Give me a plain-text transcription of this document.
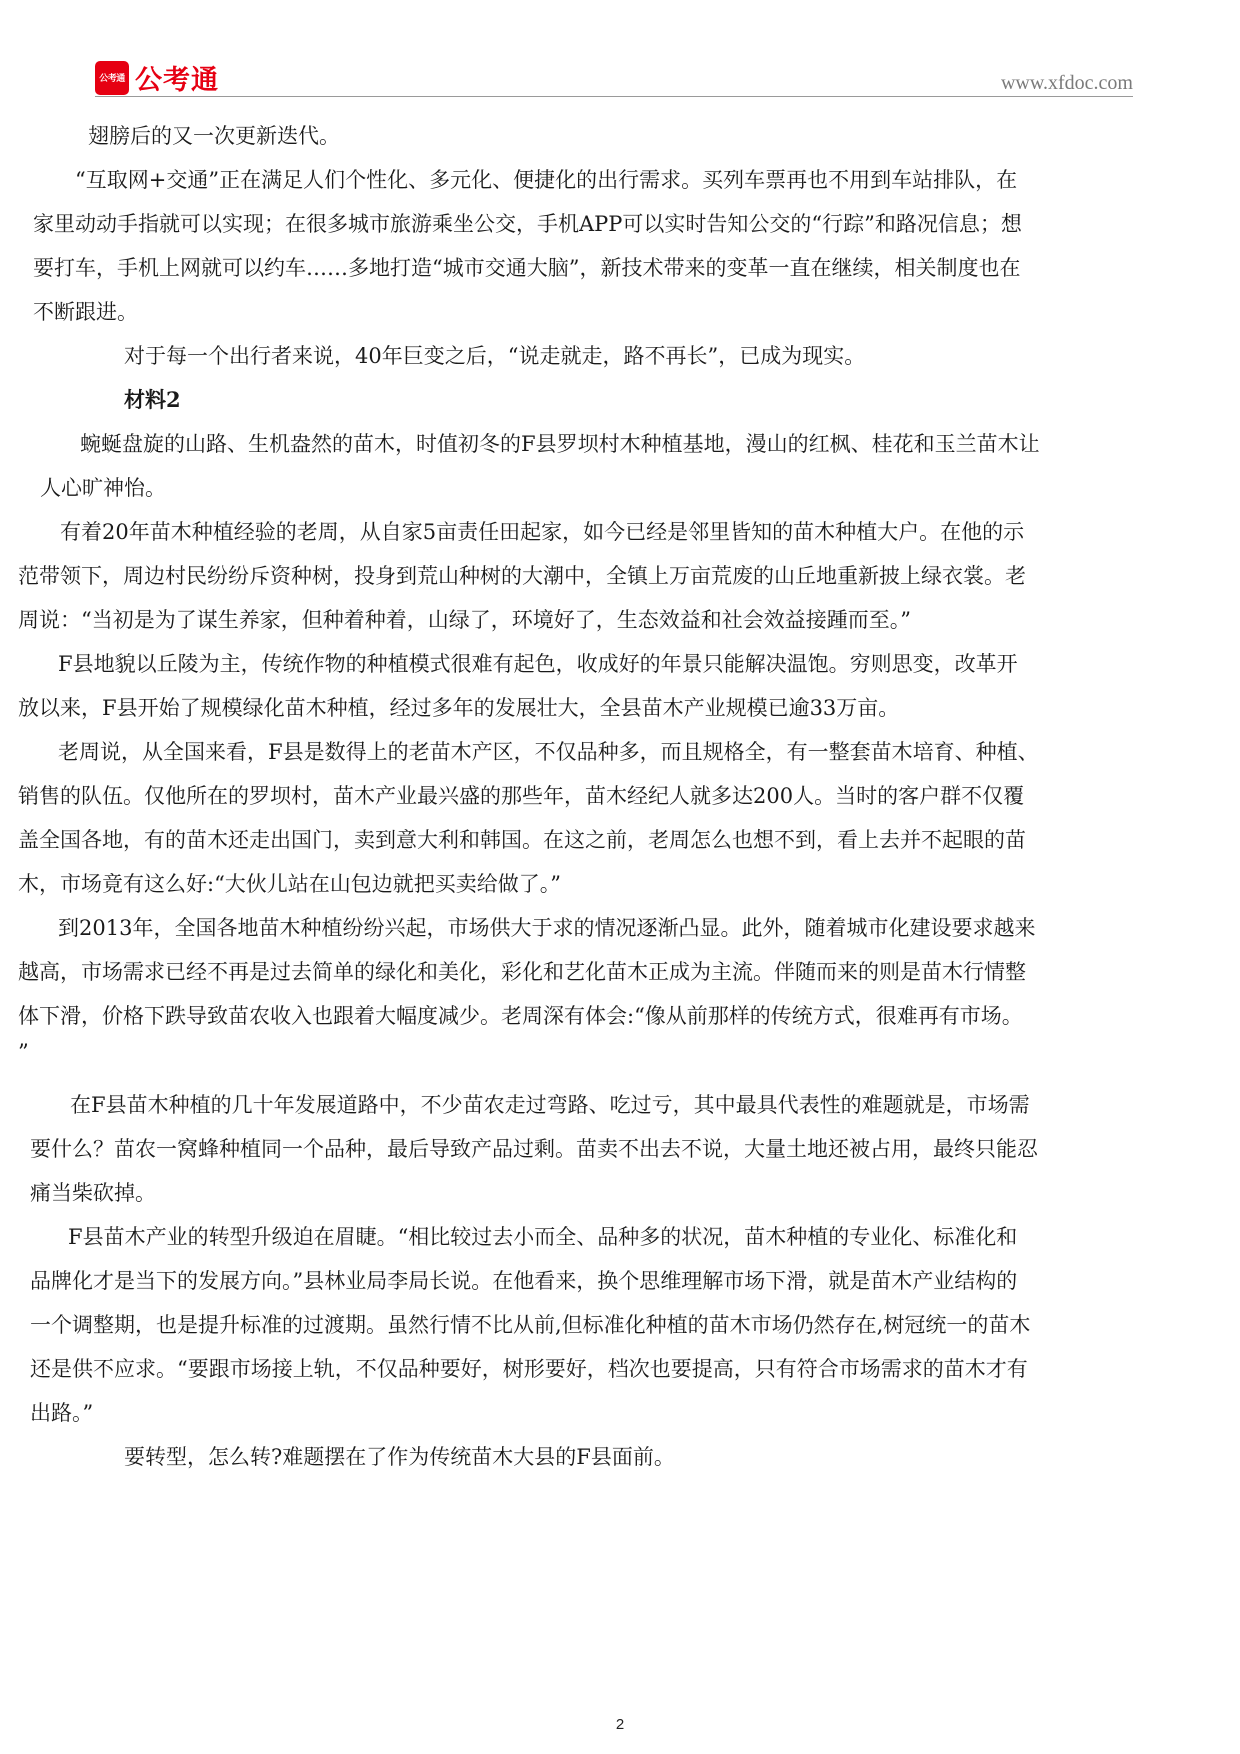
公考通 公考通	www.xfdoc.com
翅膀后的又一次更新迭代。
“互取网+交通”正在满足人们个性化、多元化、便捷化的出行需求。买列车票再也不用到车站排队，在
家里动动手指就可以实现；在很多城市旅游乘坐公交，手机APP可以实时告知公交的“行踪”和路况信息；想
要打车，手机上网就可以约车……多地打造“城市交通大脑”，新技术带来的变革一直在继续，相关制度也在
不断跟进。
对于每一个出行者来说，40年巨变之后，“说走就走，路不再长”，已成为现实。
材料2
蜿蜒盘旋的山路、生机盎然的苗木，时值初冬的F县罗坝村木种植基地，漫山的红枫、桂花和玉兰苗木让
人心旷神怡。
有着20年苗木种植经验的老周，从自家5亩责任田起家，如今已经是邻里皆知的苗木种植大户。在他的示
范带领下，周边村民纷纷斥资种树，投身到荒山种树的大潮中，全镇上万亩荒废的山丘地重新披上绿衣裳。老
周说：“当初是为了谋生养家，但种着种着，山绿了，环境好了，生态效益和社会效益接踵而至。”
F县地貌以丘陵为主，传统作物的种植模式很难有起色，收成好的年景只能解决温饱。穷则思变，改革开
放以来，F县开始了规模绿化苗木种植，经过多年的发展壮大，全县苗木产业规模已逾33万亩。
老周说，从全国来看，F县是数得上的老苗木产区，不仅品种多，而且规格全，有一整套苗木培育、种植、
销售的队伍。仅他所在的罗坝村，苗木产业最兴盛的那些年，苗木经纪人就多达200人。当时的客户群不仅覆
盖全国各地，有的苗木还走出国门，卖到意大利和韩国。在这之前，老周怎么也想不到，看上去并不起眼的苗
木，市场竟有这么好:“大伙儿站在山包边就把买卖给做了。”
到2013年，全国各地苗木种植纷纷兴起，市场供大于求的情况逐渐凸显。此外，随着城市化建设要求越来
越高，市场需求已经不再是过去简单的绿化和美化，彩化和艺化苗木正成为主流。伴随而来的则是苗木行情整
体下滑，价格下跌导致苗农收入也跟着大幅度减少。老周深有体会:“像从前那样的传统方式，很难再有市场。
”
在F县苗木种植的几十年发展道路中，不少苗农走过弯路、吃过亏，其中最具代表性的难题就是，市场需
要什么？苗农一窝蜂种植同一个品种，最后导致产品过剩。苗卖不出去不说，大量土地还被占用，最终只能忍
痛当柴砍掉。
F县苗木产业的转型升级迫在眉睫。“相比较过去小而全、品种多的状况，苗木种植的专业化、标准化和
品牌化才是当下的发展方向。”县林业局李局长说。在他看来，换个思维理解市场下滑，就是苗木产业结构的
一个调整期，也是提升标准的过渡期。虽然行情不比从前,但标准化种植的苗木市场仍然存在,树冠统一的苗木
还是供不应求。“要跟市场接上轨，不仅品种要好，树形要好，档次也要提高，只有符合市场需求的苗木才有
出路。”
要转型，怎么转?难题摆在了作为传统苗木大县的F县面前。
2
